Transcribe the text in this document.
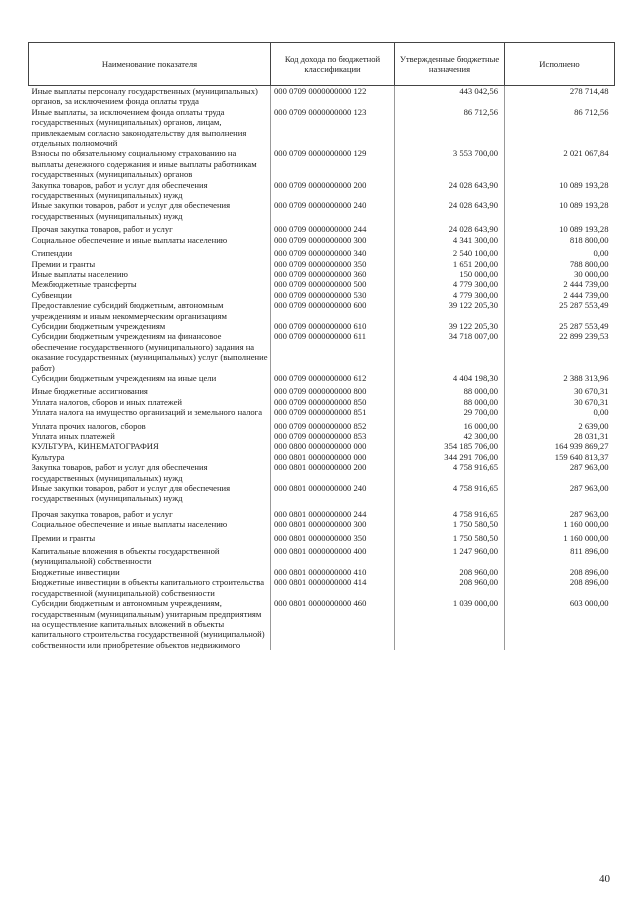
Наименование показателя	Код дохода по бюджетной классификации	Утвержденные бюджетные назначения	Исполнено
Иные выплаты персоналу государственных (муниципальных) органов, за исключением фонда оплаты труда	000 0709 0000000000 122	443 042,56	278 714,48
Иные выплаты, за исключением фонда оплаты труда государственных (муниципальных) органов, лицам, привлекаемым согласно законодательству для выполнения отдельных полномочий	000 0709 0000000000 123	86 712,56	86 712,56
Взносы по обязательному социальному страхованию на выплаты денежного содержания и иные выплаты работникам государственных (муниципальных) органов	000 0709 0000000000 129	3 553 700,00	2 021 067,84
Закупка товаров, работ и услуг для обеспечения государственных (муниципальных) нужд	000 0709 0000000000 200	24 028 643,90	10 089 193,28
Иные закупки товаров, работ и услуг для обеспечения государственных (муниципальных) нужд	000 0709 0000000000 240	24 028 643,90	10 089 193,28
Прочая закупка товаров, работ и услуг	000 0709 0000000000 244	24 028 643,90	10 089 193,28
Социальное обеспечение и иные выплаты населению	000 0709 0000000000 300	4 341 300,00	818 800,00
Стипендии	000 0709 0000000000 340	2 540 100,00	0,00
Премии и гранты	000 0709 0000000000 350	1 651 200,00	788 800,00
Иные выплаты населению	000 0709 0000000000 360	150 000,00	30 000,00
Межбюджетные трансферты	000 0709 0000000000 500	4 779 300,00	2 444 739,00
Субвенции	000 0709 0000000000 530	4 779 300,00	2 444 739,00
Предоставление субсидий бюджетным, автономным учреждениям и иным некоммерческим организациям	000 0709 0000000000 600	39 122 205,30	25 287 553,49
Субсидии бюджетным учреждениям	000 0709 0000000000 610	39 122 205,30	25 287 553,49
Субсидии бюджетным учреждениям на финансовое обеспечение государственного (муниципального) задания на оказание государственных (муниципальных) услуг (выполнение работ)	000 0709 0000000000 611	34 718 007,00	22 899 239,53
Субсидии бюджетным учреждениям на иные цели	000 0709 0000000000 612	4 404 198,30	2 388 313,96
Иные бюджетные ассигнования	000 0709 0000000000 800	88 000,00	30 670,31
Уплата налогов, сборов и иных платежей	000 0709 0000000000 850	88 000,00	30 670,31
Уплата налога на имущество организаций и земельного налога	000 0709 0000000000 851	29 700,00	0,00
Уплата прочих налогов, сборов	000 0709 0000000000 852	16 000,00	2 639,00
Уплата иных платежей	000 0709 0000000000 853	42 300,00	28 031,31
КУЛЬТУРА, КИНЕМАТОГРАФИЯ	000 0800 0000000000 000	354 185 706,00	164 939 869,27
Культура	000 0801 0000000000 000	344 291 706,00	159 640 813,37
Закупка товаров, работ и услуг для обеспечения государственных (муниципальных) нужд	000 0801 0000000000 200	4 758 916,65	287 963,00
Иные закупки товаров, работ и услуг для обеспечения государственных (муниципальных) нужд	000 0801 0000000000 240	4 758 916,65	287 963,00
Прочая закупка товаров, работ и услуг	000 0801 0000000000 244	4 758 916,65	287 963,00
Социальное обеспечение и иные выплаты населению	000 0801 0000000000 300	1 750 580,50	1 160 000,00
Премии и гранты	000 0801 0000000000 350	1 750 580,50	1 160 000,00
Капитальные вложения в объекты государственной (муниципальной) собственности	000 0801 0000000000 400	1 247 960,00	811 896,00
Бюджетные инвестиции	000 0801 0000000000 410	208 960,00	208 896,00
Бюджетные инвестиции в объекты капитального строительства государственной (муниципальной) собственности	000 0801 0000000000 414	208 960,00	208 896,00
Субсидии бюджетным и автономным учреждениям, государственным (муниципальным) унитарным предприятиям на осуществление капитальных вложений в объекты капитального строительства государственной (муниципальной) собственности или приобретение объектов недвижимого	000 0801 0000000000 460	1 039 000,00	603 000,00
40
